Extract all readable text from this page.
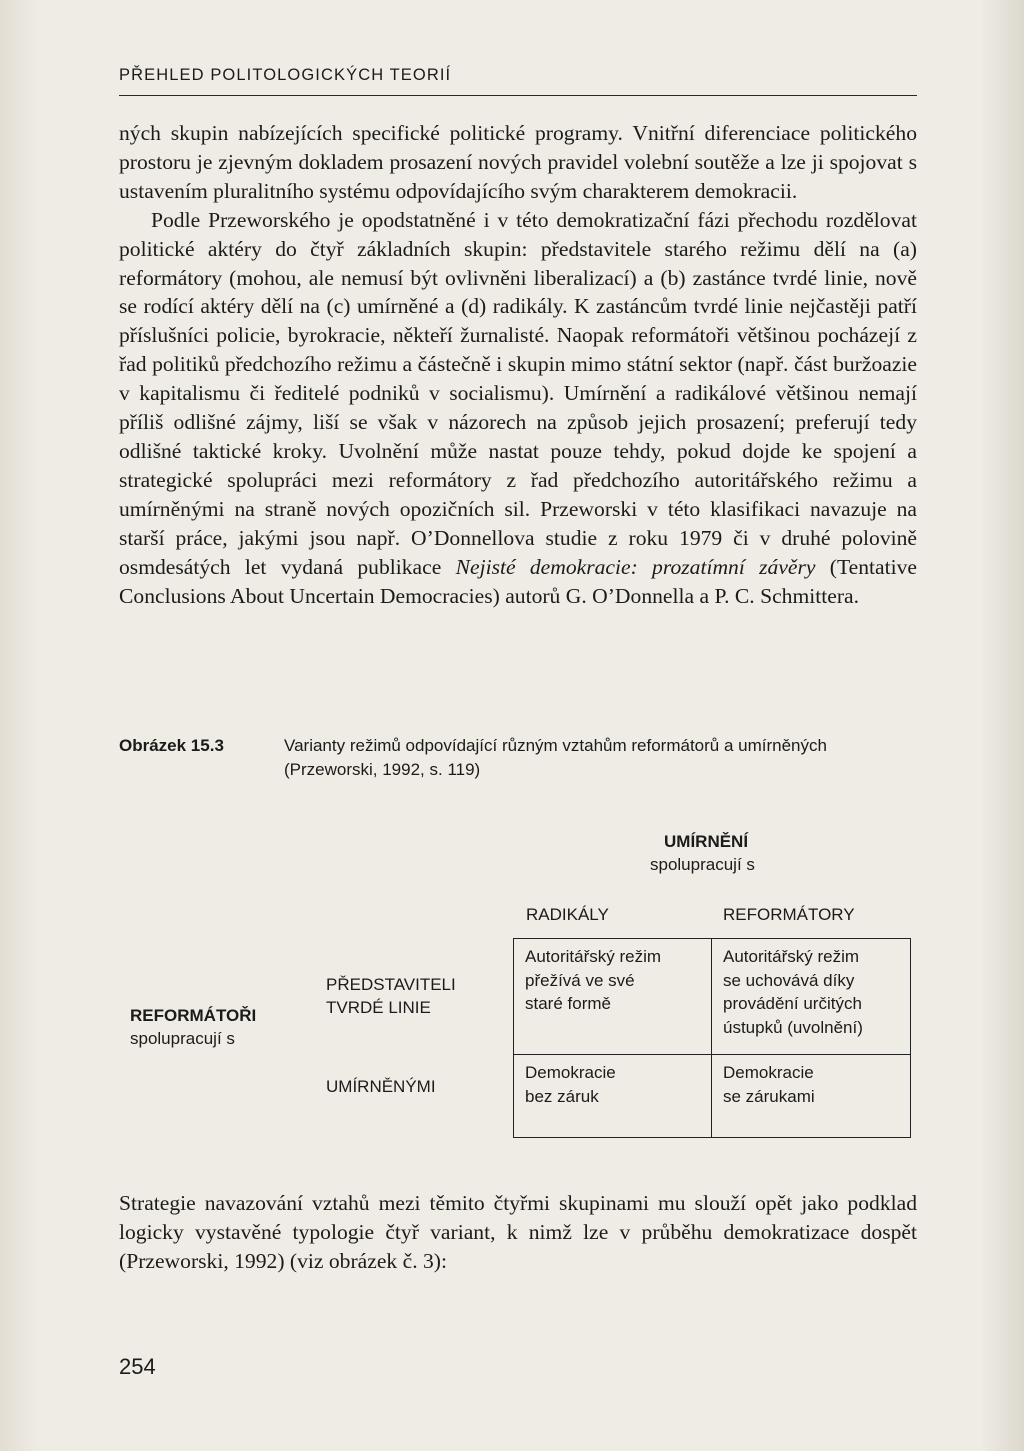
PŘEHLED POLITOLOGICKÝCH TEORIÍ

ných skupin nabízejících specifické politické programy. Vnitřní diferenciace politického prostoru je zjevným dokladem prosazení nových pravidel volební soutěže a lze ji spojovat s ustavením pluralitního systému odpovídajícího svým charakterem demokracii.

Podle Przeworského je opodstatněné i v této demokratizační fázi přechodu rozdělovat politické aktéry do čtyř základních skupin: představitele starého režimu dělí na (a) reformátory (mohou, ale nemusí být ovlivněni liberalizací) a (b) zastánce tvrdé linie, nově se rodící aktéry dělí na (c) umírněné a (d) radikály. K zastáncům tvrdé linie nejčastěji patří příslušníci policie, byrokracie, někteří žurnalisté. Naopak reformátoři většinou pocházejí z řad politiků předchozího režimu a částečně i skupin mimo státní sektor (např. část buržoazie v kapitalismu či ředitelé podniků v socialismu). Umírnění a radikálové většinou nemají příliš odlišné zájmy, liší se však v názorech na způsob jejich prosazení; preferují tedy odlišné taktické kroky. Uvolnění může nastat pouze tehdy, pokud dojde ke spojení a strategické spolupráci mezi reformátory z řad předchozího autoritářského režimu a umírněnými na straně nových opozičních sil. Przeworski v této klasifikaci navazuje na starší práce, jakými jsou např. O’Donnellova studie z roku 1979 či v druhé polovině osmdesátých let vydaná publikace Nejisté demokracie: prozatímní závěry (Tentative Conclusions About Uncertain Democracies) autorů G. O’Donnella a P. C. Schmittera.

Obrázek 15.3	Varianty režimů odpovídající různým vztahům reformátorů a umírněných (Przeworski, 1992, s. 119)
UMÍRNĚNÍ
spolupracují s
RADIKÁLY	REFORMÁTORY
REFORMÁTOŘI
spolupracují s
PŘEDSTAVITELI
TVRDÉ LINIE
UMÍRNĚNÝMI
Autoritářský režim
přežívá ve své
staré formě
Autoritářský režim
se uchovává díky
provádění určitých
ústupků (uvolnění)
Demokracie
bez záruk
Demokracie
se zárukami
Strategie navazování vztahů mezi těmito čtyřmi skupinami mu slouží opět jako podklad logicky vystavěné typologie čtyř variant, k nimž lze v průběhu demokratizace dospět (Przeworski, 1992) (viz obrázek č. 3):
254
